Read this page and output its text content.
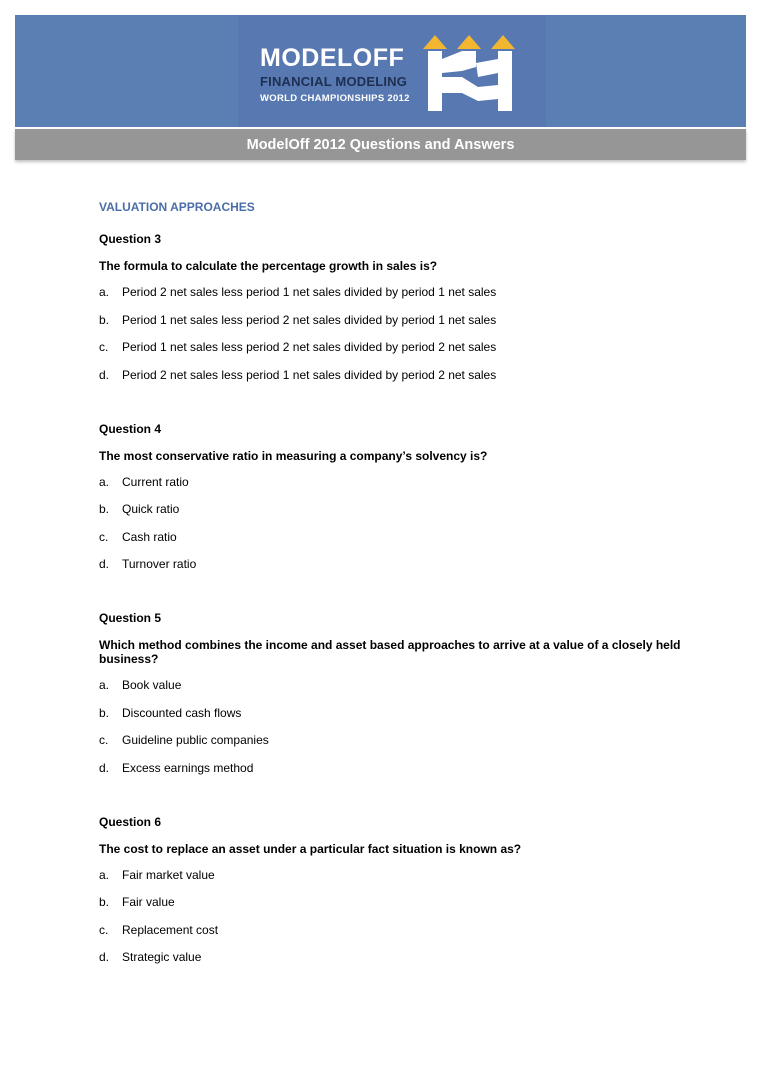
MODELOFF
FINANCIAL MODELING
WORLD CHAMPIONSHIPS 2012
ModelOff 2012 Questions and Answers
VALUATION APPROACHES
Question 3
The formula to calculate the percentage growth in sales is?
a.	Period 2 net sales less period 1 net sales divided by period 1 net sales
b.	Period 1 net sales less period 2 net sales divided by period 1 net sales
c.	Period 1 net sales less period 2 net sales divided by period 2 net sales
d.	Period 2 net sales less period 1 net sales divided by period 2 net sales
Question 4
The most conservative ratio in measuring a company’s solvency is?
a.	Current ratio
b.	Quick ratio
c.	Cash ratio
d.	Turnover ratio
Question 5
Which method combines the income and asset based approaches to arrive at a value of a closely held business?
a.	Book value
b.	Discounted cash flows
c.	Guideline public companies
d.	Excess earnings method
Question 6
The cost to replace an asset under a particular fact situation is known as?
a.	Fair market value
b.	Fair value
c.	Replacement cost
d.	Strategic value
